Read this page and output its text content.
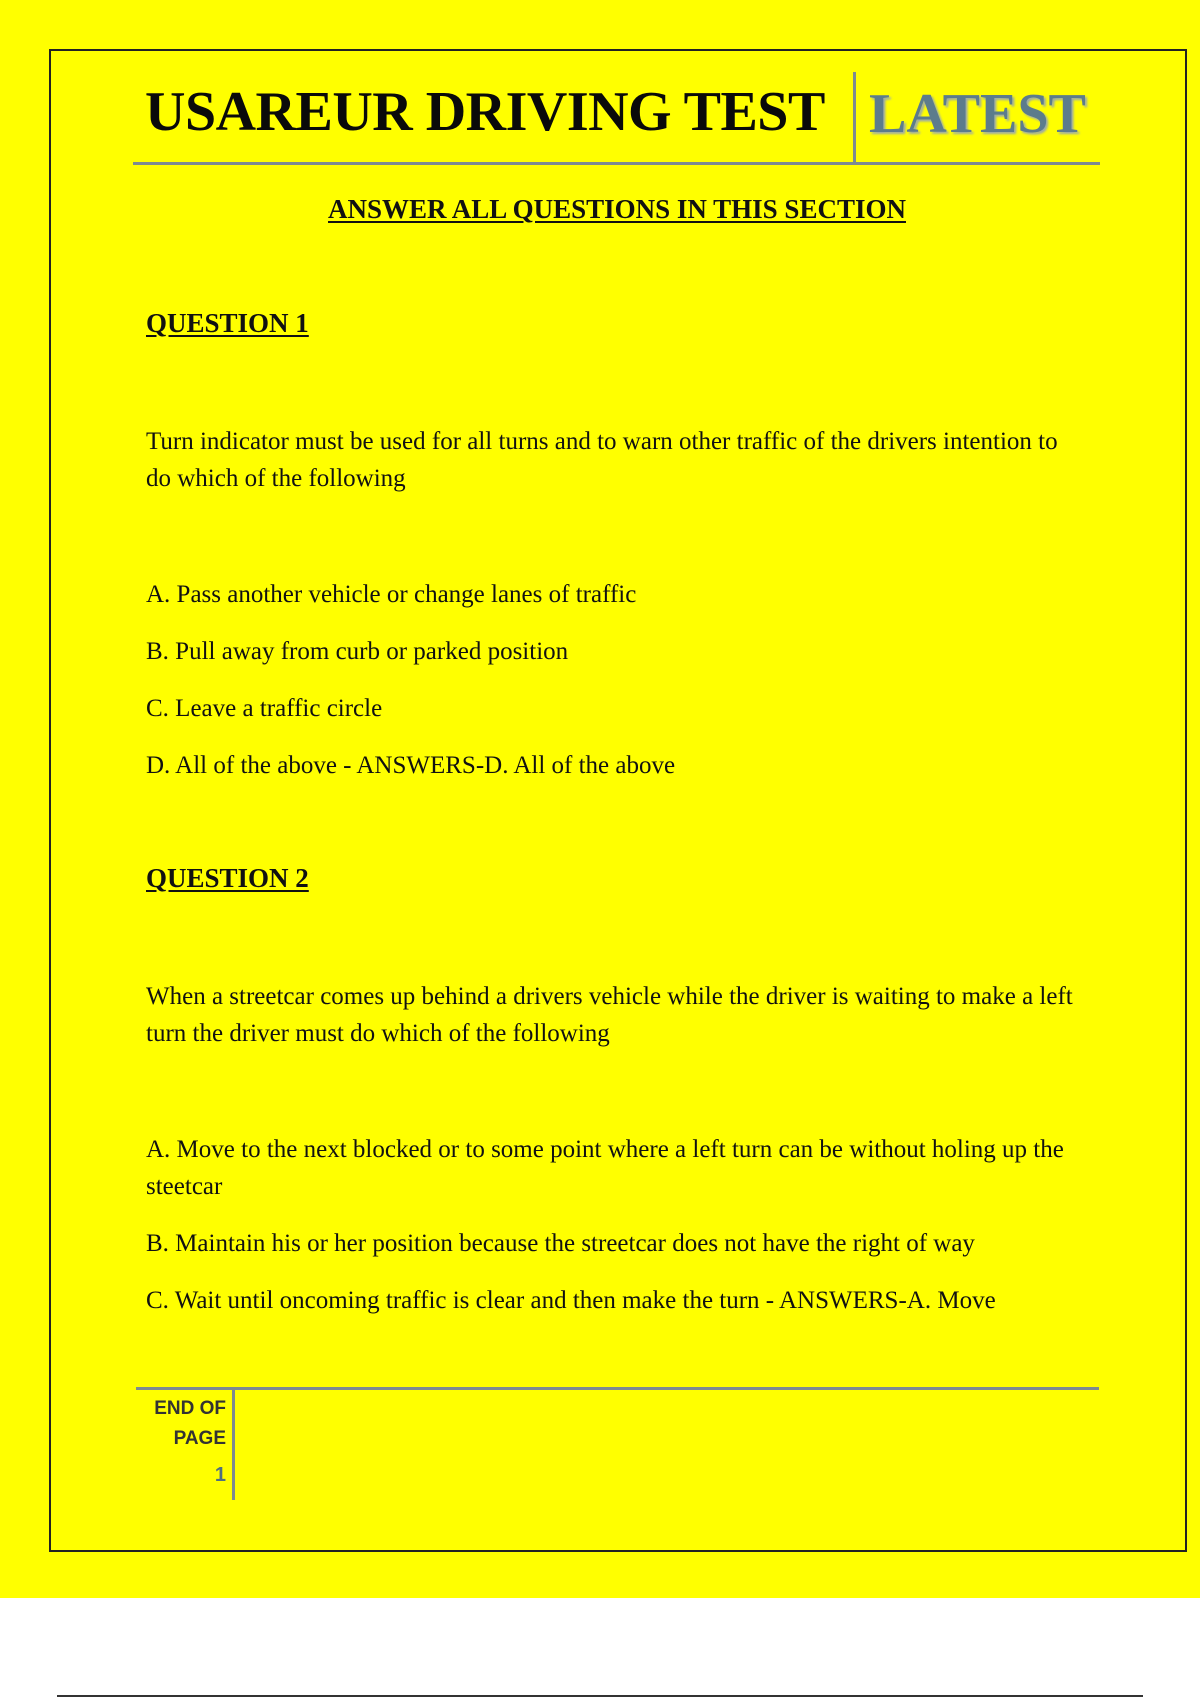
USAREUR DRIVING TEST LATEST
ANSWER ALL QUESTIONS IN THIS SECTION
QUESTION 1
Turn indicator must be used for all turns and to warn other traffic of the drivers intention to do which of the following
A. Pass another vehicle or change lanes of traffic
B. Pull away from curb or parked position
C. Leave a traffic circle
D. All of the above - ANSWERS-D. All of the above
QUESTION 2
When a streetcar comes up behind a drivers vehicle while the driver is waiting to make a left turn the driver must do which of the following
A. Move to the next blocked or to some point where a left turn can be without holing up the steetcar
B. Maintain his or her position because the streetcar does not have the right of way
C. Wait until oncoming traffic is clear and then make the turn - ANSWERS-A. Move
END OF
PAGE
1
